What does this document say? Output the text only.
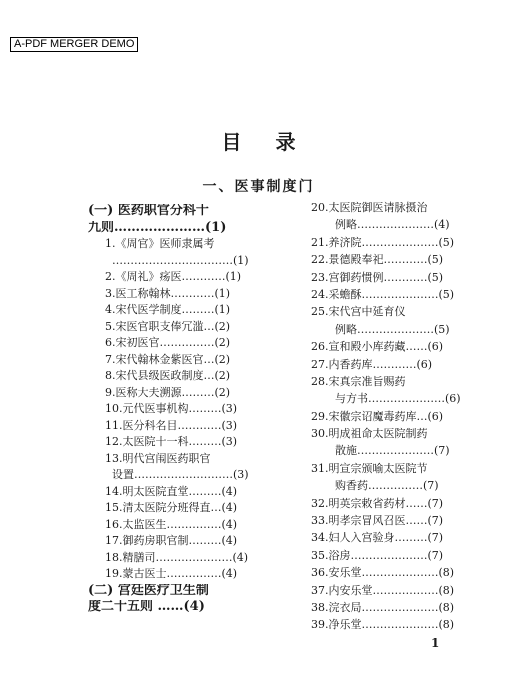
A-PDF MERGER DEMO
目录
一、医事制度门
(一) 医药职官分科十
九则…………………(1)
1.《周官》医师隶属考
……………………………(1)
2.《周礼》疡医…………(1)
3.医工称翰林…………(1)
4.宋代医学制度………(1)
5.宋医官职支俸冗滥…(2)
6.宋初医官……………(2)
7.宋代翰林金紫医官…(2)
8.宋代县级医政制度…(2)
9.医称大夫溯源………(2)
10.元代医事机构………(3)
11.医分科名目…………(3)
12.太医院十一科………(3)
13.明代宫闱医药职官
设置………………………(3)
14.明太医院直堂………(4)
15.清太医院分班得直…(4)
16.太监医生……………(4)
17.御药房职官制………(4)
18.精膳司…………………(4)
19.蒙古医士……………(4)
(二) 宫廷医疗卫生制
度二十五则 ……(4)
20.太医院御医请脉摄治
例略…………………(4)
21.养济院…………………(5)
22.景德殿奉祀…………(5)
23.宫御药惯例…………(5)
24.采蟾酥…………………(5)
25.宋代宫中延育仪
例略…………………(5)
26.宣和殿小库药藏……(6)
27.内香药库…………(6)
28.宋真宗准旨赐药
与方书…………………(6)
29.宋徽宗诏魔毒药库…(6)
30.明成祖命太医院制药
散施…………………(7)
31.明宣宗颁喻太医院节
购香药……………(7)
32.明英宗敕省药材……(7)
33.明孝宗冒风召医……(7)
34.妇人入宫验身………(7)
35.浴房…………………(7)
36.安乐堂…………………(8)
37.内安乐堂………………(8)
38.浣衣局…………………(8)
39.净乐堂…………………(8)
1
